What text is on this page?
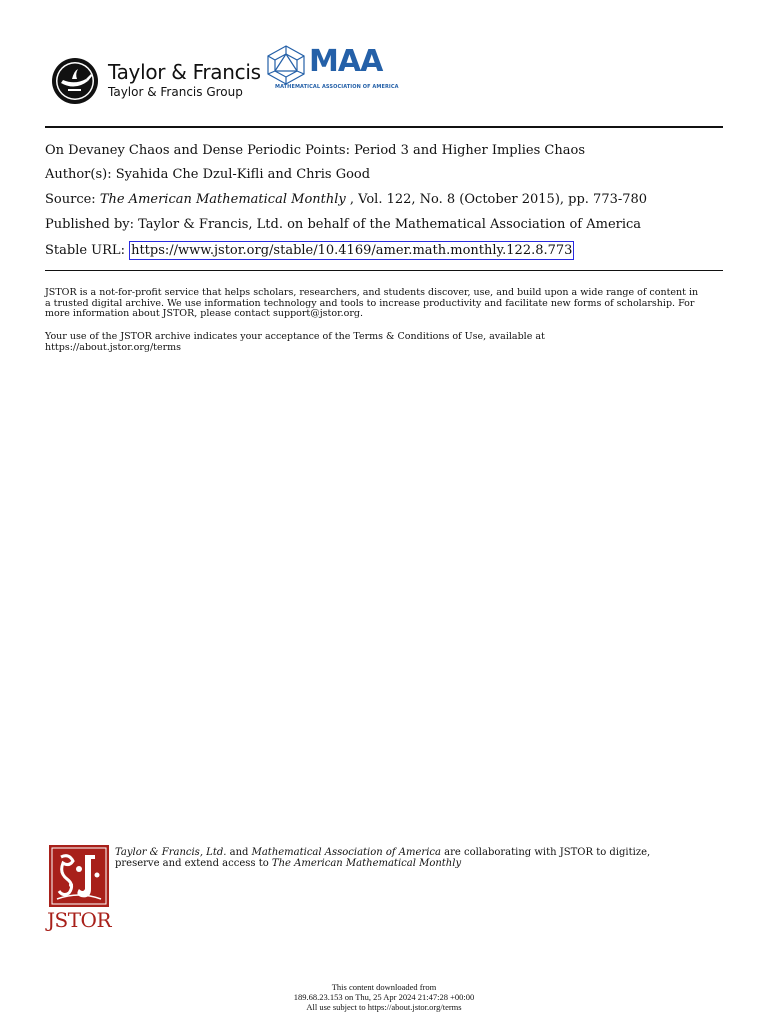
Taylor & Francis
Taylor & Francis Group
MAA
MATHEMATICAL ASSOCIATION OF AMERICA
On Devaney Chaos and Dense Periodic Points: Period 3 and Higher Implies Chaos
Author(s): Syahida Che Dzul-Kifli and Chris Good
Source: The American Mathematical Monthly , Vol. 122, No. 8 (October 2015), pp. 773-780
Published by: Taylor & Francis, Ltd. on behalf of the Mathematical Association of America
Stable URL: https://www.jstor.org/stable/10.4169/amer.math.monthly.122.8.773
JSTOR is a not-for-profit service that helps scholars, researchers, and students discover, use, and build upon a wide range of content in a trusted digital archive. We use information technology and tools to increase productivity and facilitate new forms of scholarship. For more information about JSTOR, please contact support@jstor.org.
Your use of the JSTOR archive indicates your acceptance of the Terms & Conditions of Use, available at
https://about.jstor.org/terms
JSTOR
Taylor & Francis, Ltd. and Mathematical Association of America are collaborating with JSTOR to digitize, preserve and extend access to The American Mathematical Monthly
This content downloaded from
189.68.23.153 on Thu, 25 Apr 2024 21:47:28 +00:00
All use subject to https://about.jstor.org/terms
